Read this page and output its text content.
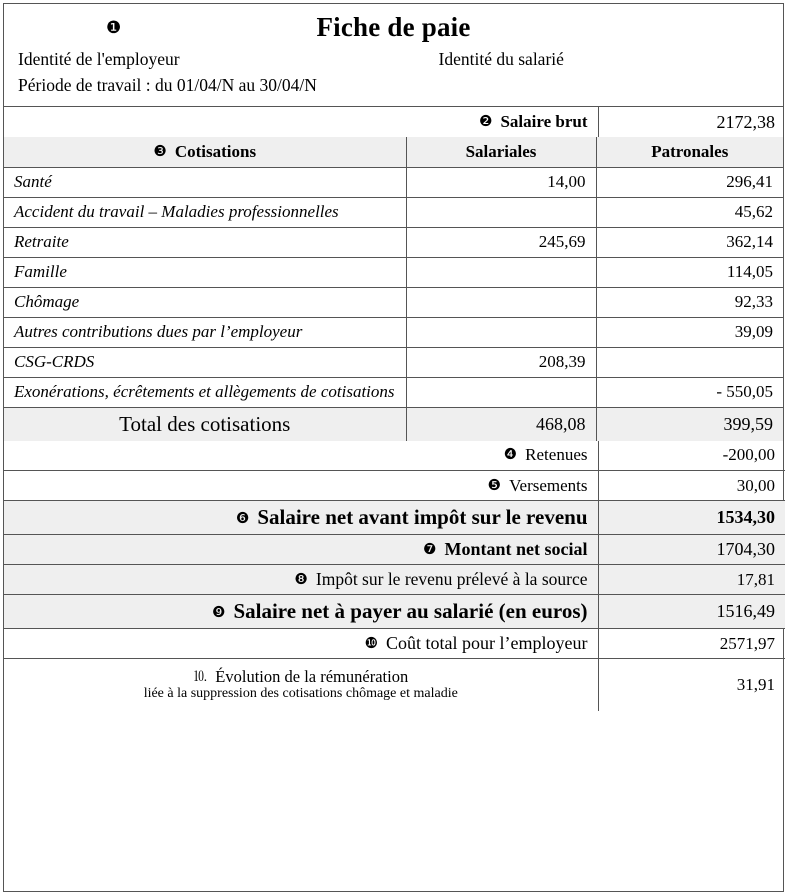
❶	Fiche de paie
Identité de l'employeur	Identité du salarié
Période de travail : du 01/04/N au 30/04/N
❷ Salaire brut	2172,38
❸ Cotisations	Salariales	Patronales
Santé	14,00	296,41
Accident du travail – Maladies professionnelles		45,62
Retraite	245,69	362,14
Famille		114,05
Chômage		92,33
Autres contributions dues par l’employeur		39,09
CSG-CRDS	208,39	
Exonérations, écrêtements et allègements de cotisations		- 550,05
Total des cotisations	468,08	399,59
❹ Retenues	-200,00
❺ Versements	30,00
❻ Salaire net avant impôt sur le revenu	1534,30
❼ Montant net social	1704,30
❽ Impôt sur le revenu prélevé à la source	17,81
❾ Salaire net à payer au salarié (en euros)	1516,49
❿ Coût total pour l’employeur	2571,97

⒑ Évolution de la rémunération
liée à la suppression des cotisations chômage et maladie	31,91
